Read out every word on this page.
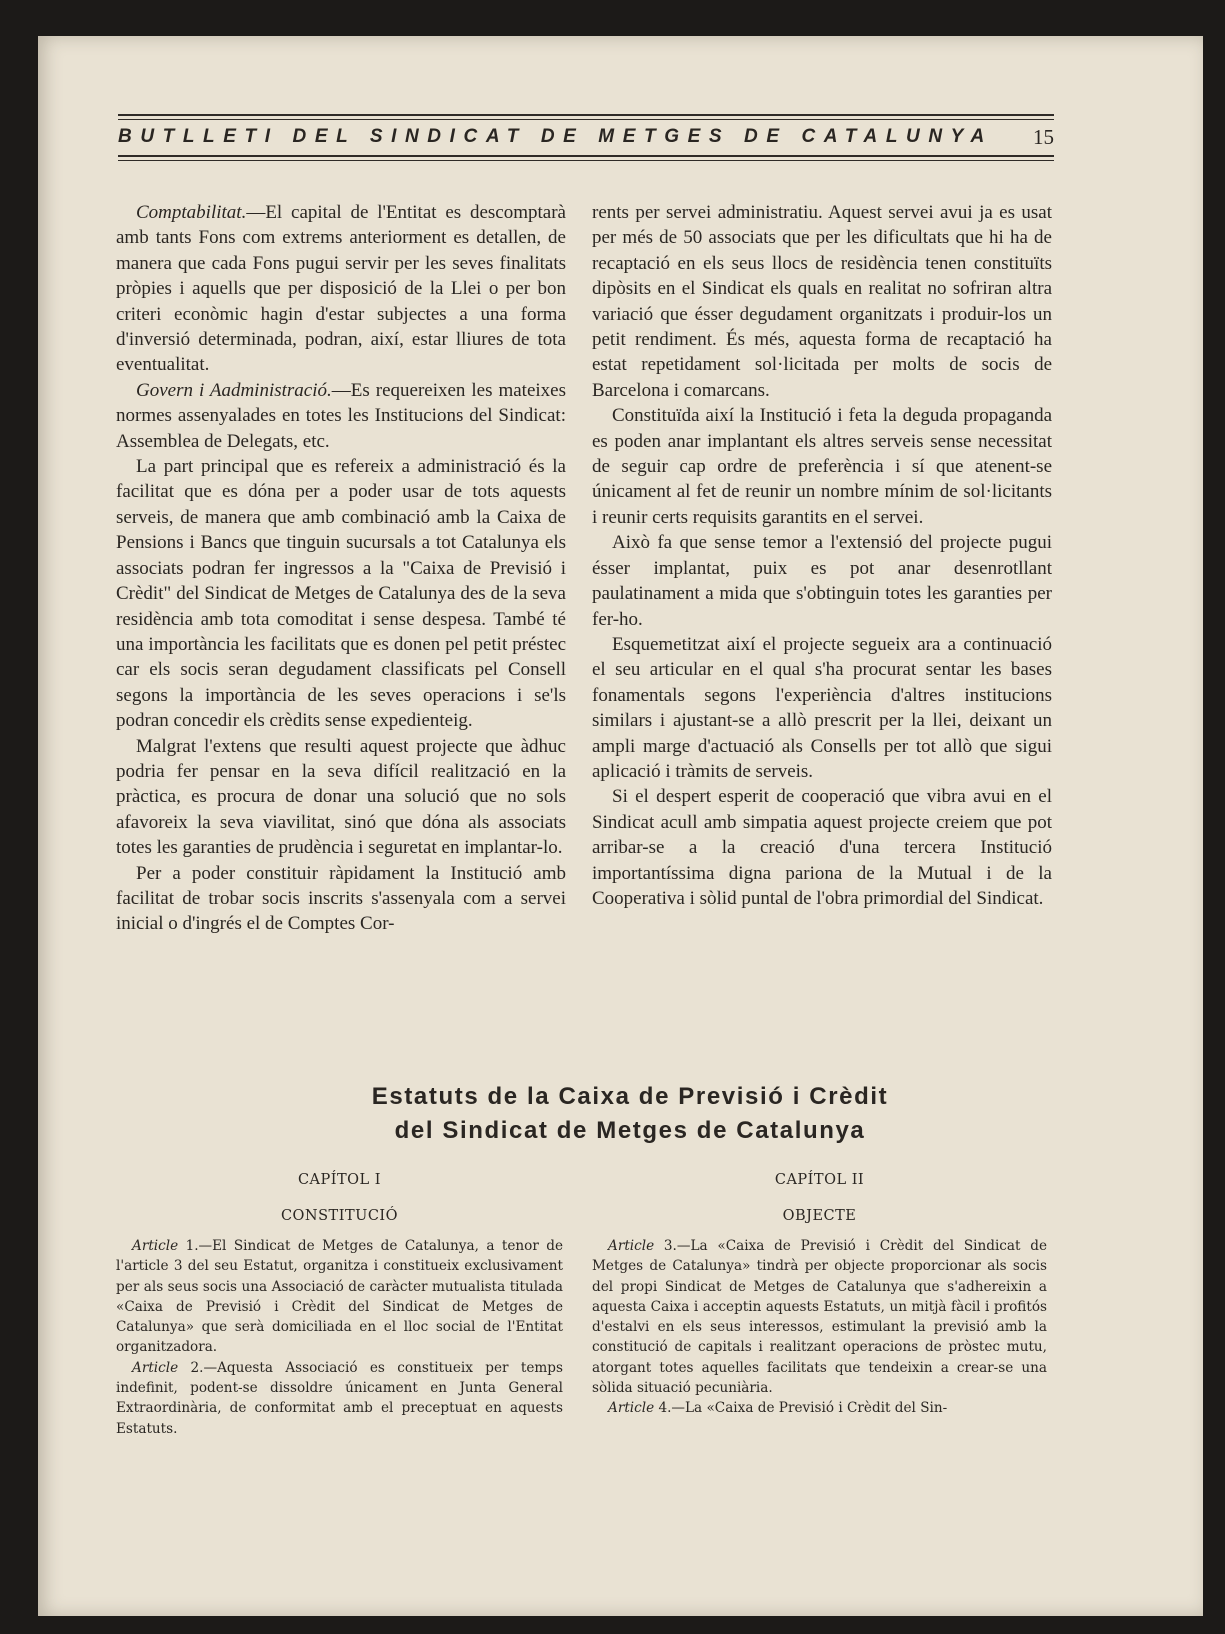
BUTLLETI DEL SINDICAT DE METGES DE CATALUNYA	15

Comptabilitat.—El capital de l'Entitat es descomptarà amb tants Fons com extrems anteriorment es detallen, de manera que cada Fons pugui servir per les seves finalitats pròpies i aquells que per disposició de la Llei o per bon criteri econòmic hagin d'estar subjectes a una forma d'inversió determinada, podran, així, estar lliures de tota eventualitat.

Govern i Aadministració.—Es requereixen les mateixes normes assenyalades en totes les Institucions del Sindicat: Assemblea de Delegats, etc.

La part principal que es refereix a administració és la facilitat que es dóna per a poder usar de tots aquests serveis, de manera que amb combinació amb la Caixa de Pensions i Bancs que tinguin sucursals a tot Catalunya els associats podran fer ingressos a la "Caixa de Previsió i Crèdit" del Sindicat de Metges de Catalunya des de la seva residència amb tota comoditat i sense despesa. També té una importància les facilitats que es donen pel petit préstec car els socis seran degudament classificats pel Consell segons la importància de les seves operacions i se'ls podran concedir els crèdits sense expedienteig.

Malgrat l'extens que resulti aquest projecte que àdhuc podria fer pensar en la seva difícil realització en la pràctica, es procura de donar una solució que no sols afavoreix la seva viavilitat, sinó que dóna als associats totes les garanties de prudència i seguretat en implantar-lo.

Per a poder constituir ràpidament la Institució amb facilitat de trobar socis inscrits s'assenyala com a servei inicial o d'ingrés el de Comptes Cor-

rents per servei administratiu. Aquest servei avui ja es usat per més de 50 associats que per les dificultats que hi ha de recaptació en els seus llocs de residència tenen constituïts dipòsits en el Sindicat els quals en realitat no sofriran altra variació que ésser degudament organitzats i produir-los un petit rendiment. És més, aquesta forma de recaptació ha estat repetidament sol·licitada per molts de socis de Barcelona i comarcans.

Constituïda així la Institució i feta la deguda propaganda es poden anar implantant els altres serveis sense necessitat de seguir cap ordre de preferència i sí que atenent-se únicament al fet de reunir un nombre mínim de sol·licitants i reunir certs requisits garantits en el servei.

Això fa que sense temor a l'extensió del projecte pugui ésser implantat, puix es pot anar desenrotllant paulatinament a mida que s'obtinguin totes les garanties per fer-ho.

Esquemetitzat així el projecte segueix ara a continuació el seu articular en el qual s'ha procurat sentar les bases fonamentals segons l'experiència d'altres institucions similars i ajustant-se a allò prescrit per la llei, deixant un ampli marge d'actuació als Consells per tot allò que sigui aplicació i tràmits de serveis.

Si el despert esperit de cooperació que vibra avui en el Sindicat acull amb simpatia aquest projecte creiem que pot arribar-se a la creació d'una tercera Institució importantíssima digna pariona de la Mutual i de la Cooperativa i sòlid puntal de l'obra primordial del Sindicat.

Estatuts de la Caixa de Previsió i Crèdit
del Sindicat de Metges de Catalunya
CAPÍTOL I
CONSTITUCIÓ
CAPÍTOL II
OBJECTE

Article 1.—El Sindicat de Metges de Catalunya, a tenor de l'article 3 del seu Estatut, organitza i constitueix exclusivament per als seus socis una Associació de caràcter mutualista titulada «Caixa de Previsió i Crèdit del Sindicat de Metges de Catalunya» que serà domiciliada en el lloc social de l'Entitat organitzadora.

Article 2.—Aquesta Associació es constitueix per temps indefinit, podent-se dissoldre únicament en Junta General Extraordinària, de conformitat amb el preceptuat en aquests Estatuts.

Article 3.—La «Caixa de Previsió i Crèdit del Sindicat de Metges de Catalunya» tindrà per objecte proporcionar als socis del propi Sindicat de Metges de Catalunya que s'adhereixin a aquesta Caixa i acceptin aquests Estatuts, un mitjà fàcil i profitós d'estalvi en els seus interessos, estimulant la previsió amb la constitució de capitals i realitzant operacions de pròstec mutu, atorgant totes aquelles facilitats que tendeixin a crear-se una sòlida situació pecuniària.

Article 4.—La «Caixa de Previsió i Crèdit del Sin-
